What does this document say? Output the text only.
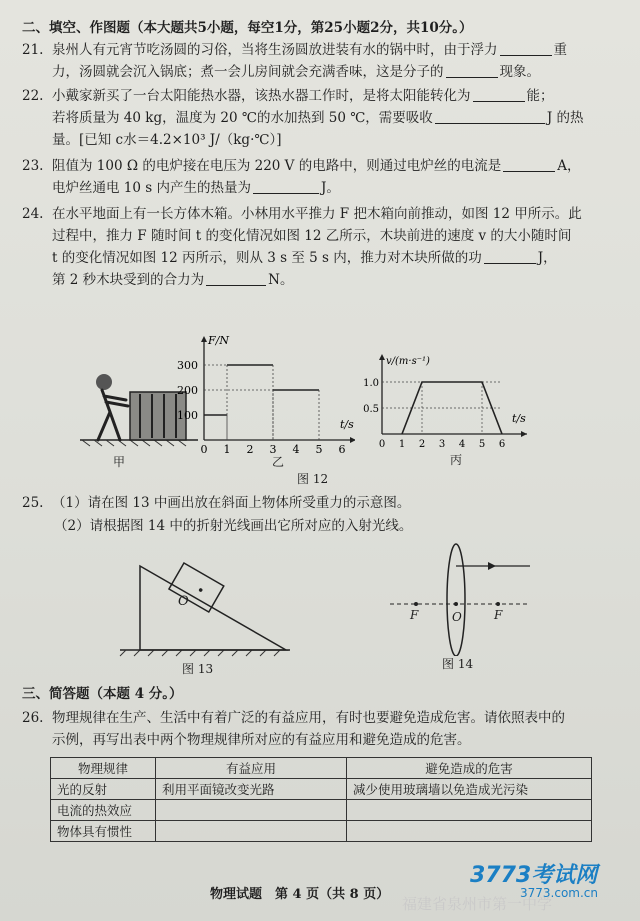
二、填空、作图题（本大题共5小题，每空1分，第25小题2分，共10分。）
21. 泉州人有元宵节吃汤圆的习俗，当将生汤圆放进装有水的锅中时，由于浮力	重
力，汤圆就会沉入锅底；煮一会儿房间就会充满香味，这是分子的	现象。
22. 小戴家新买了一台太阳能热水器，该热水器工作时，是将太阳能转化为	能；
若将质量为 40 kg，温度为 20 ℃的水加热到 50 ℃，需要吸收	J 的热
量。[已知 c水＝4.2×10³ J/（kg·℃）]
23. 阻值为 100 Ω 的电炉接在电压为 220 V 的电路中，则通过电炉丝的电流是	A，
电炉丝通电 10 s 内产生的热量为	J。
24. 在水平地面上有一长方体木箱。小林用水平推力 F 把木箱向前推动，如图 12 甲所示。此
过程中，推力 F 随时间 t 的变化情况如图 12 乙所示，木块前进的速度 v 的大小随时间
t 的变化情况如图 12 丙所示，则从 3 s 至 5 s 内，推力对木块所做的功	J，
第 2 秒木块受到的合力为	N。
F/N
t/s
100
200
300
0 1 2 3 4 5 6
v/(m·s⁻¹)
t/s
0.5
1.0
0 1 2 3 4 5 6
甲	乙	丙
图 12
25. （1）请在图 13 中画出放在斜面上物体所受重力的示意图。
（2）请根据图 14 中的折射光线画出它所对应的入射光线。
O
图 13
F	O	F
图 14
三、简答题（本题 4 分。）
26. 物理规律在生产、生活中有着广泛的有益应用，有时也要避免造成危害。请依照表中的
示例，再写出表中两个物理规律所对应的有益应用和避免造成的危害。
物理规律	有益应用	避免造成的危害
光的反射	利用平面镜改变光路	减少使用玻璃墙以免造成光污染
电流的热效应		
物体具有惯性		
物理试题　第 4 页（共 8 页）
福建省泉州市第一中学
3773考试网
3773.com.cn
